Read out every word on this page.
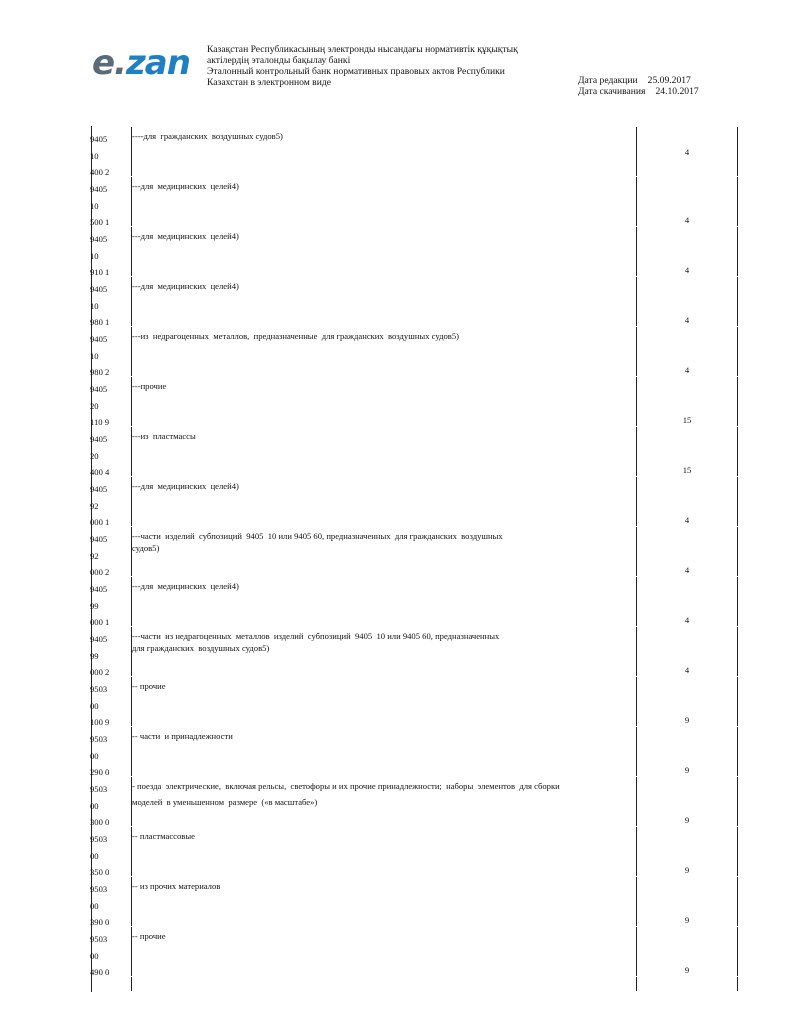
e.zan Казақстан Республикасының электронды нысандағы нормативтік құқықтық
актілердің эталонды бақылау банкі
Эталонный контрольный банк нормативных правовых актов Республики
Казахстан в электронном виде	Дата редакции 25.09.2017
Дата скачивания 24.10.2017
9405
10
400 2
----для  гражданских  воздушных судов5)
4
9405
10
500 1
---для  медицинских  целей4)
4
9405
10
910 1
---для  медицинских  целей4)
4
9405
10
980 1
---для  медицинских  целей4)
4
9405
10
980 2
---из  недрагоценных  металлов,  предназначенные  для гражданских  воздушных судов5)
4
9405
20
110 9
---прочие
15
9405
20
400 4
---из  пластмассы
15
9405
92
000 1
---для  медицинских  целей4)
4
9405
92
000 2
---части  изделий  субпозиций  9405  10 или 9405 60, предназначенных  для гражданских  воздушных
судов5)
4
9405
99
000 1
---для  медицинских  целей4)
4
9405
99
000 2
---части  из недрагоценных  металлов  изделий  субпозиций  9405  10 или 9405 60, предназначенных
для гражданских  воздушных судов5)
4
9503
00
100 9
-- прочие
9
9503
00
290 0
-- части  и принадлежности
9
9503
00
300 0
- поезда  электрические,  включая рельсы,  светофоры и их прочие принадлежности;  наборы  элементов  для сборки
моделей  в уменьшенном  размере  («в масштабе»)
9
9503
00
350 0
-- пластмассовые
9
9503
00
390 0
-- из прочих материалов
9
9503
00
490 0
-- прочие
9
